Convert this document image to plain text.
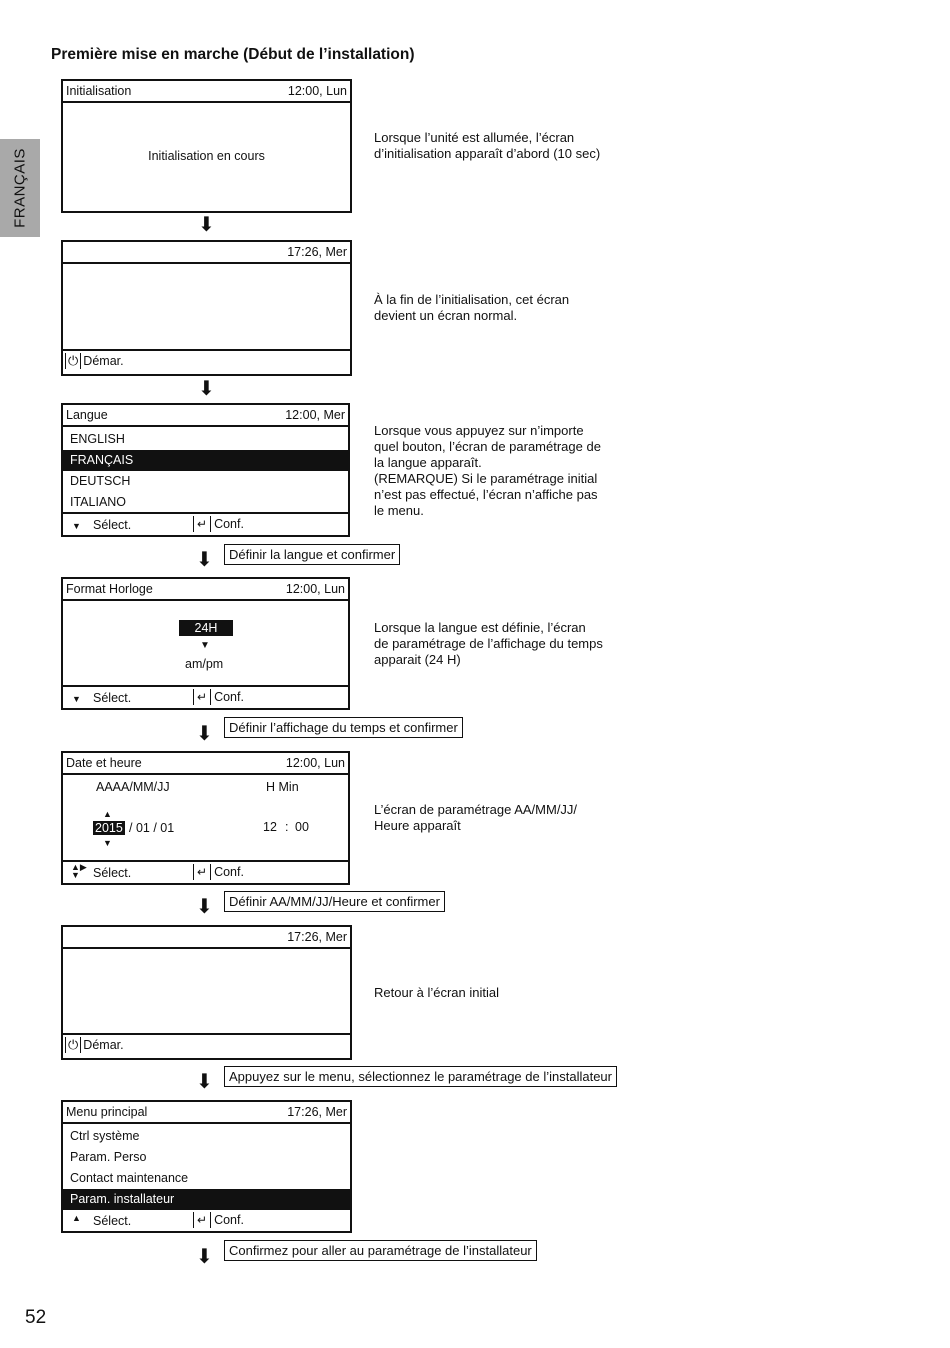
Première mise en marche (Début de l’installation)
FRANÇAIS
52
Initialisation	12:00, Lun
Initialisation en cours
Lorsque l’unité est allumée, l’écran
d’initialisation apparaît d’abord (10 sec)
⬇
17:26, Mer
⏻ Démar.
À la fin de l’initialisation, cet écran
devient un écran normal.
⬇
Langue	12:00, Mer
ENGLISH
FRANÇAIS
DEUTSCH
ITALIANO
▼ Sélect.	↵ Conf.
Lorsque vous appuyez sur n’importe
quel bouton, l’écran de paramétrage de
la langue apparaît.
(REMARQUE) Si le paramétrage initial
n’est pas effectué, l’écran n’affiche pas
le menu.
⬇	Définir la langue et confirmer
Format Horloge	12:00, Lun
24H
▼
am/pm
▼ Sélect.	↵ Conf.
Lorsque la langue est définie, l’écran
de paramétrage de l’affichage du temps
apparait (24 H)
⬇	Définir l’affichage du temps et confirmer
Date et heure	12:00, Lun
AAAA/MM/JJ	H Min
▲
2015 / 01 / 01
▼
12 : 00
▲▶
▼	Sélect.	↵ Conf.
L’écran de paramétrage AA/MM/JJ/
Heure apparaît
⬇	Définir AA/MM/JJ/Heure et confirmer
17:26, Mer
⏻ Démar.
Retour à l’écran initial
⬇	Appuyez sur le menu, sélectionnez le paramétrage de l’installateur
Menu principal	17:26, Mer
Ctrl système
Param. Perso
Contact maintenance
Param. installateur
▲ Sélect.	↵ Conf.
⬇	Confirmez pour aller au paramétrage de l’installateur
